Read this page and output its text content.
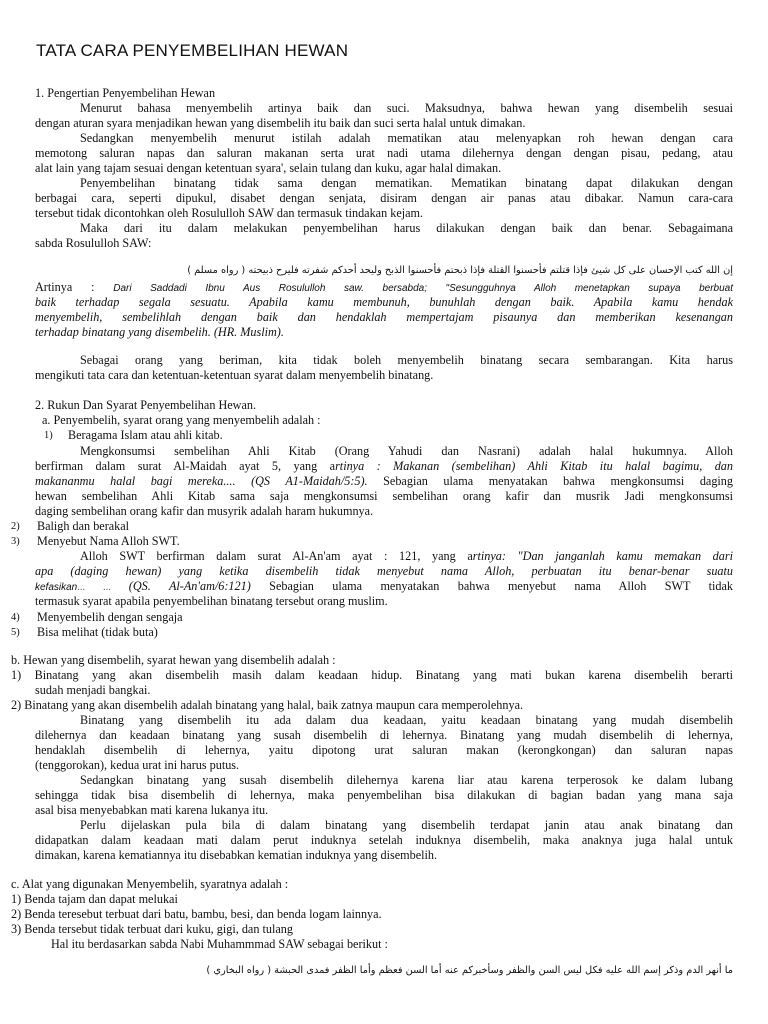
TATA CARA PENYEMBELIHAN HEWAN
1. Pengertian Penyembelihan Hewan
Menurut bahasa menyembelih artinya baik dan suci. Maksudnya, bahwa hewan yang disembelih sesuai
dengan aturan syara menjadikan hewan yang disembelih itu baik dan suci serta halal untuk dimakan.
Sedangkan menyembelih menurut istilah adalah mematikan atau melenyapkan roh hewan dengan cara
memotong saluran napas dan saluran makanan serta urat nadi utama dilehernya dengan dengan pisau, pedang, atau
alat lain yang tajam sesuai dengan ketentuan syara', selain tulang dan kuku, agar halal dimakan.
Penyembelihan binatang tidak sama dengan mematikan. Mematikan binatang dapat dilakukan dengan
berbagai cara, seperti dipukul, disabet dengan senjata, disiram dengan air panas atau dibakar. Namun cara-cara
tersebut tidak dicontohkan oleh Rosululloh SAW dan termasuk tindakan kejam.
Maka dari itu dalam melakukan penyembelihan harus dilakukan dengan baik dan benar. Sebagaimana
sabda Rosululloh SAW:
إن الله كتب الإحسان على كل شيئ فإذا قتلتم فأحسنوا القتلة فإذا ذبحتم فأحسنوا الذبح وليحد أحدكم شفرته فليرح ذبيحته ( رواه مسلم )
Artinya : Dari Saddadi Ibnu Aus Rosululloh saw. bersabda; "Sesungguhnya Alloh menetapkan supaya berbuat
baik terhadap segala sesuatu. Apabila kamu membunuh, bunuhlah dengan baik. Apabila kamu hendak
menyembelih, sembelihlah dengan baik dan hendaklah mempertajam pisaunya dan memberikan kesenangan
terhadap binatang yang disembelih. (HR. Muslim).
Sebagai orang yang beriman, kita tidak boleh menyembelih binatang secara sembarangan. Kita harus
mengikuti tata cara dan ketentuan-ketentuan syarat dalam menyembelih binatang.
2. Rukun Dan Syarat Penyembelihan Hewan.
a. Penyembelih, syarat orang yang menyembelih adalah :
Beragama Islam atau ahli kitab.
Mengkonsumsi sembelihan Ahli Kitab (Orang Yahudi dan Nasrani) adalah halal hukumnya. Alloh
1)
berfirman dalam surat Al-Maidah ayat 5, yang artinya : Makanan (sembelihan) Ahli Kitab itu halal bagimu, dan
makananmu halal bagi mereka.... (QS A1-Maidah/5:5). Sebagian ulama menyatakan bahwa mengkonsumsi daging
hewan sembelihan Ahli Kitab sama saja mengkonsumsi sembelihan orang kafir dan musrik Jadi mengkonsumsi
daging sembelihan orang kafir dan musyrik adalah haram hukumnya.
2)	Baligh dan berakal
3)	Menyebut Nama Alloh SWT.
Alloh SWT berfirman dalam surat Al-An'am ayat : 121, yang artinya: "Dan janganlah kamu memakan dari
apa (daging hewan) yang ketika disembelih tidak menyebut nama Alloh, perbuatan itu benar-benar suatu
kefasikan... ... (QS. Al-An'am/6:121) Sebagian ulama menyatakan bahwa menyebut nama Alloh SWT tidak
termasuk syarat apabila penyembelihan binatang tersebut orang muslim.
4)	Menyembelih dengan sengaja
5)	Bisa melihat (tidak buta)
b. Hewan yang disembelih, syarat hewan yang disembelih adalah :
1) Binatang yang akan disembelih masih dalam keadaan hidup. Binatang yang mati bukan karena disembelih berarti
sudah menjadi bangkai.
2) Binatang yang akan disembelih adalah binatang yang halal, baik zatnya maupun cara memperolehnya.
Binatang yang disembelih itu ada dalam dua keadaan, yaitu keadaan binatang yang mudah disembelih
dilehernya dan keadaan binatang yang susah disembelih di lehernya. Binatang yang mudah disembelih di lehernya,
hendaklah disembelih di lehernya, yaitu dipotong urat saluran makan (kerongkongan) dan saluran napas
(tenggorokan), kedua urat ini harus putus.
Sedangkan binatang yang susah disembelih dilehernya karena liar atau karena terperosok ke dalam lubang
sehingga tidak bisa disembelih di lehernya, maka penyembelihan bisa dilakukan di bagian badan yang mana saja
asal bisa menyebabkan mati karena lukanya itu.
Perlu dijelaskan pula bila di dalam binatang yang disembelih terdapat janin atau anak binatang dan
didapatkan dalam keadaan mati dalam perut induknya setelah induknya disembelih, maka anaknya juga halal untuk
dimakan, karena kematiannya itu disebabkan kematian induknya yang disembelih.
c. Alat yang digunakan Menyembelih, syaratnya adalah :
1) Benda tajam dan dapat melukai
2) Benda teresebut terbuat dari batu, bambu, besi, dan benda logam lainnya.
3) Benda tersebut tidak terbuat dari kuku, gigi, dan tulang
Hal itu berdasarkan sabda Nabi Muhammmad SAW sebagai berikut :
ما أنهر الدم وذكر إسم الله عليه فكل ليس السن والظفر وسأخبركم عنه أما السن فعظم وأما الظفر فمدى الحبشة ( رواه البخاري )
